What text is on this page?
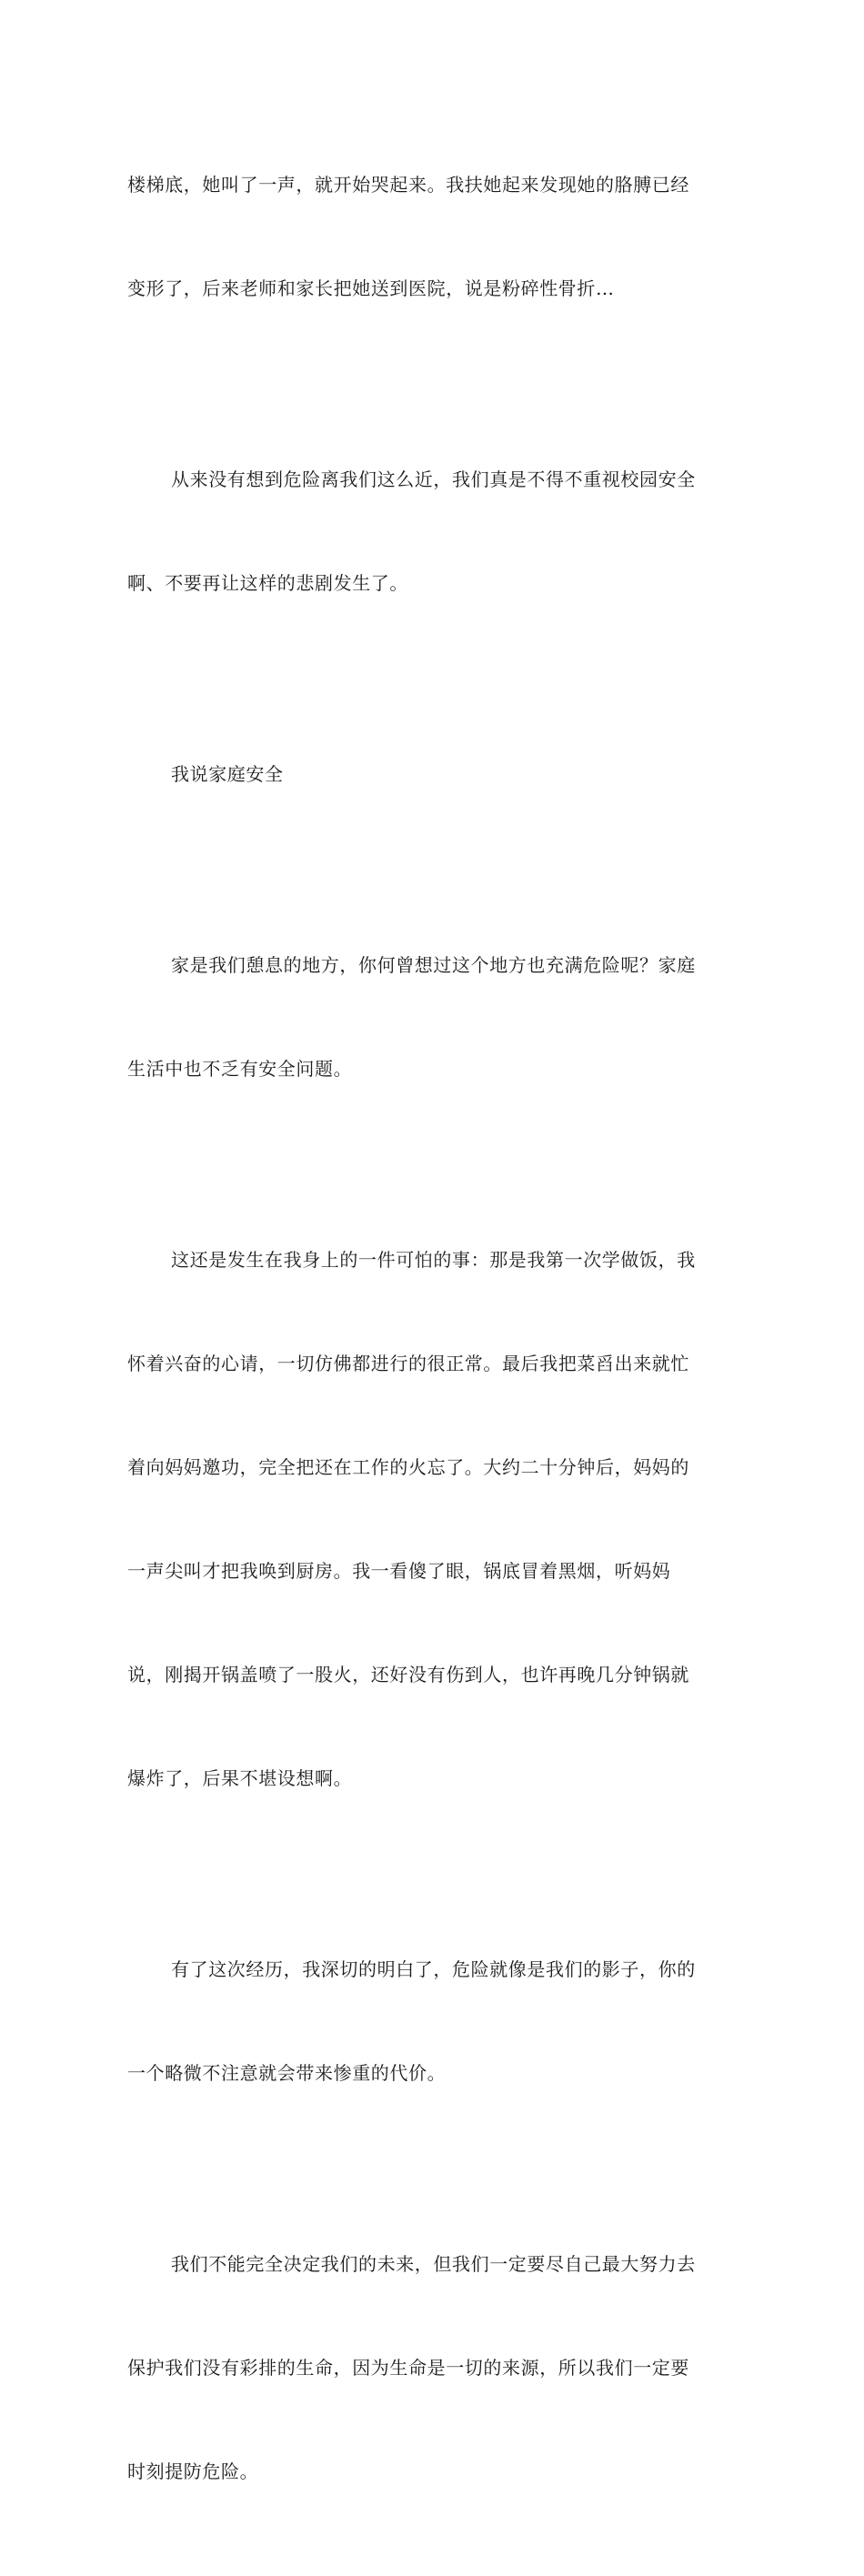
楼梯底，她叫了一声，就开始哭起来。我扶她起来发现她的胳膊已经

变形了，后来老师和家长把她送到医院，说是粉碎性骨折…

从来没有想到危险离我们这么近，我们真是不得不重视校园安全

啊、不要再让这样的悲剧发生了。

我说家庭安全

家是我们憩息的地方，你何曾想过这个地方也充满危险呢？家庭

生活中也不乏有安全问题。

这还是发生在我身上的一件可怕的事：那是我第一次学做饭，我

怀着兴奋的心请，一切仿佛都进行的很正常。最后我把菜舀出来就忙

着向妈妈邀功，完全把还在工作的火忘了。大约二十分钟后，妈妈的

一声尖叫才把我唤到厨房。我一看傻了眼，锅底冒着黑烟，听妈妈

说，刚揭开锅盖喷了一股火，还好没有伤到人，也许再晚几分钟锅就

爆炸了，后果不堪设想啊。

有了这次经历，我深切的明白了，危险就像是我们的影子，你的

一个略微不注意就会带来惨重的代价。

我们不能完全决定我们的未来，但我们一定要尽自己最大努力去

保护我们没有彩排的生命，因为生命是一切的来源，所以我们一定要

时刻提防危险。
